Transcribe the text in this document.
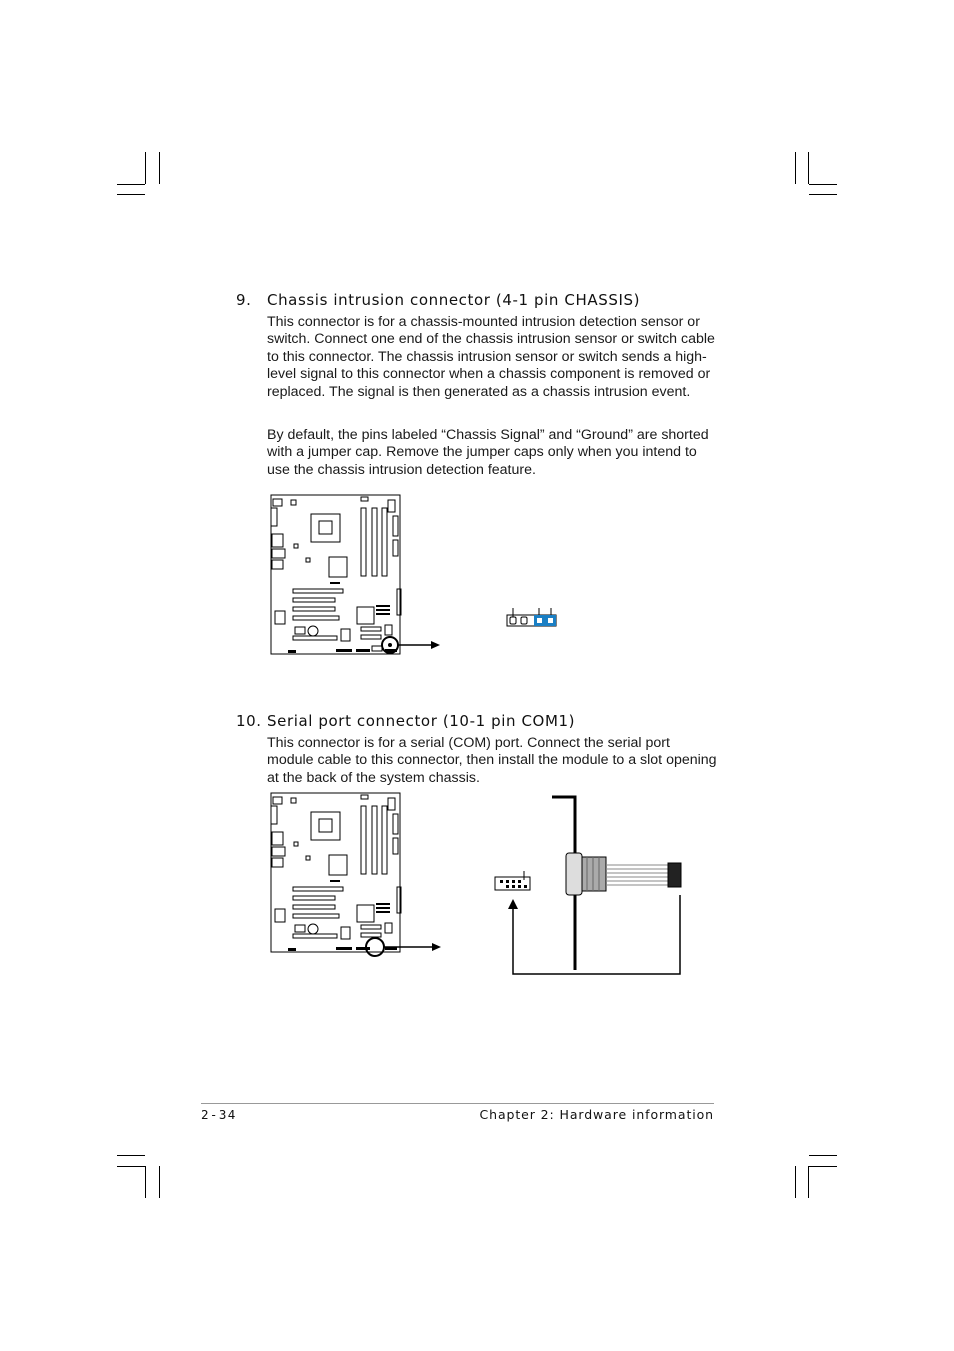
9. Chassis intrusion connector (4-1 pin CHASSIS)

This connector is for a chassis-mounted intrusion detection sensor or switch. Connect one end of the chassis intrusion sensor or switch cable to this connector. The chassis intrusion sensor or switch sends a high-level signal to this connector when a chassis component is removed or replaced. The signal is then generated as a chassis intrusion event.

By default, the pins labeled “Chassis Signal” and “Ground” are shorted with a jumper cap. Remove the jumper caps only when you intend to use the chassis intrusion detection feature.

10. Serial port connector (10-1 pin COM1)

This connector is for a serial (COM) port. Connect the serial port module cable to this connector, then install the module to a slot opening at the back of the system chassis.

2-34	Chapter 2: Hardware information
